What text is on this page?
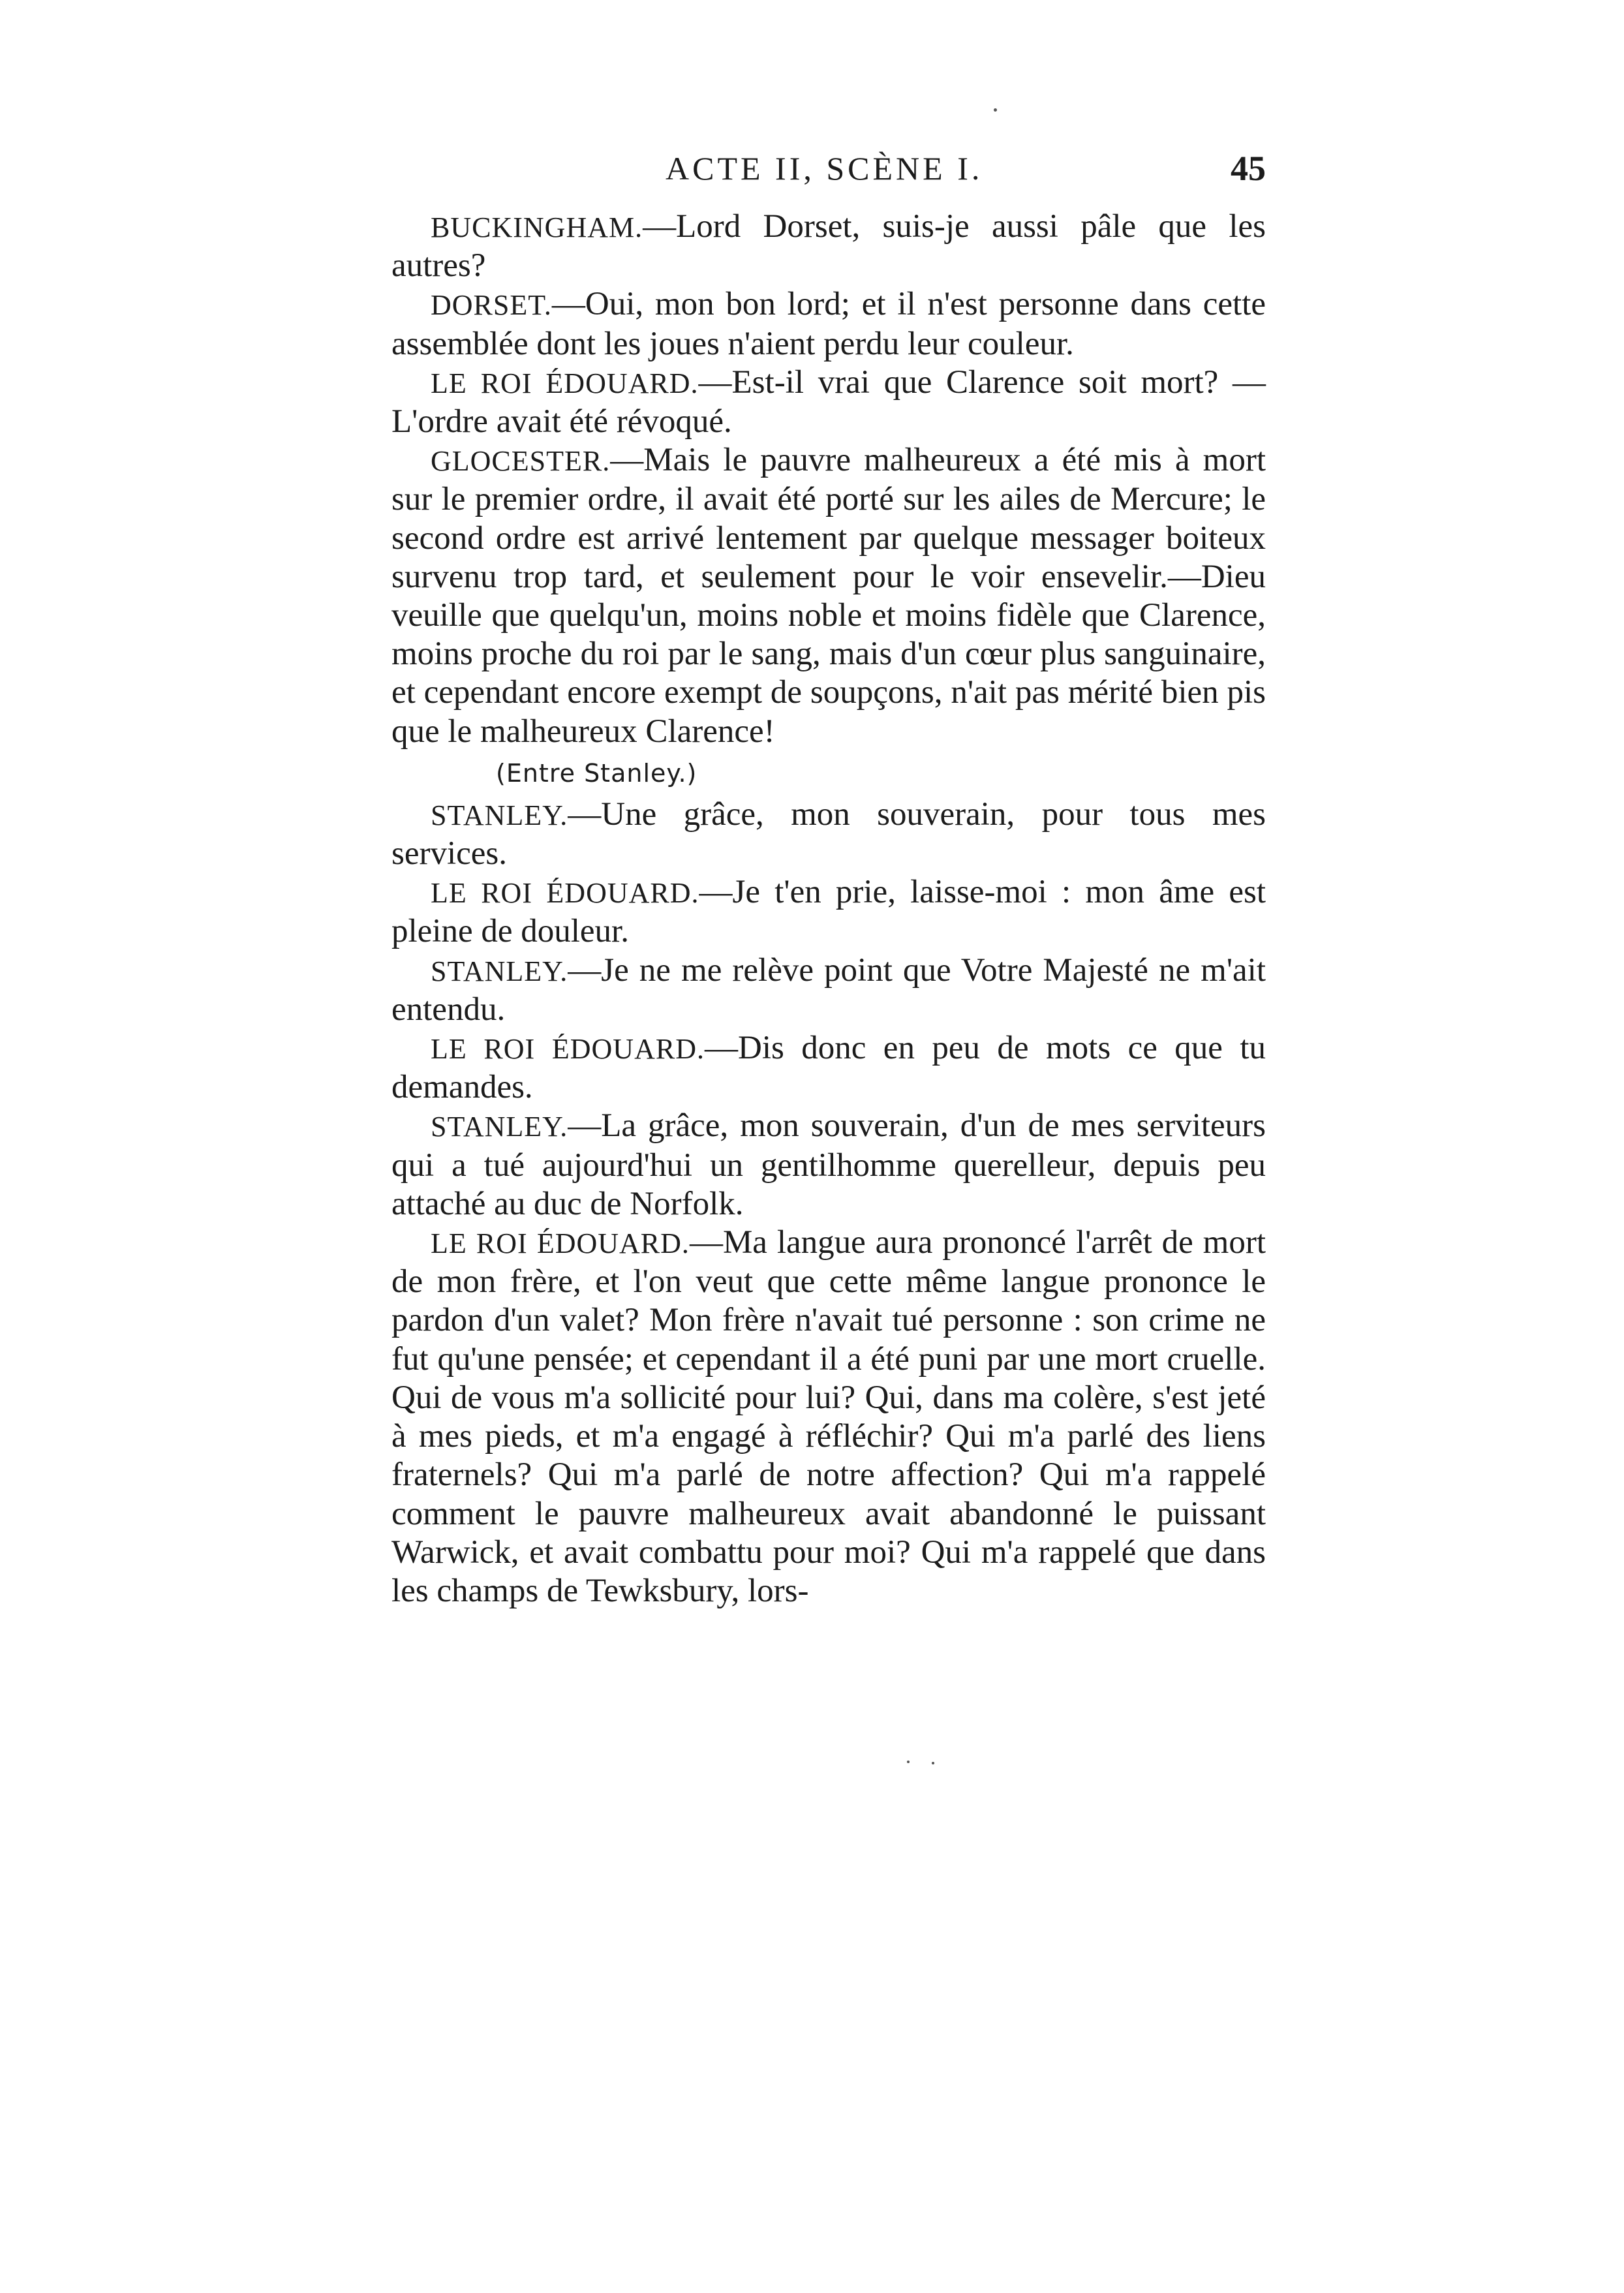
ACTE II, SCÈNE I.	45

BUCKINGHAM.—Lord Dorset, suis-je aussi pâle que les autres?

DORSET.—Oui, mon bon lord; et il n'est personne dans cette assemblée dont les joues n'aient perdu leur couleur.

LE ROI ÉDOUARD.—Est-il vrai que Clarence soit mort? —L'ordre avait été révoqué.

GLOCESTER.—Mais le pauvre malheureux a été mis à mort sur le premier ordre, il avait été porté sur les ailes de Mercure; le second ordre est arrivé lentement par quelque messager boiteux survenu trop tard, et seulement pour le voir ensevelir.—Dieu veuille que quelqu'un, moins noble et moins fidèle que Clarence, moins proche du roi par le sang, mais d'un cœur plus sanguinaire, et cependant encore exempt de soupçons, n'ait pas mérité bien pis que le malheureux Clarence!

(Entre Stanley.)

STANLEY.—Une grâce, mon souverain, pour tous mes services.

LE ROI ÉDOUARD.—Je t'en prie, laisse-moi : mon âme est pleine de douleur.

STANLEY.—Je ne me relève point que Votre Majesté ne m'ait entendu.

LE ROI ÉDOUARD.—Dis donc en peu de mots ce que tu demandes.

STANLEY.—La grâce, mon souverain, d'un de mes serviteurs qui a tué aujourd'hui un gentilhomme querelleur, depuis peu attaché au duc de Norfolk.

LE ROI ÉDOUARD.—Ma langue aura prononcé l'arrêt de mort de mon frère, et l'on veut que cette même langue prononce le pardon d'un valet? Mon frère n'avait tué personne : son crime ne fut qu'une pensée; et cependant il a été puni par une mort cruelle. Qui de vous m'a sollicité pour lui? Qui, dans ma colère, s'est jeté à mes pieds, et m'a engagé à réfléchir? Qui m'a parlé des liens fraternels? Qui m'a parlé de notre affection? Qui m'a rappelé comment le pauvre malheureux avait abandonné le puissant Warwick, et avait combattu pour moi? Qui m'a rappelé que dans les champs de Tewksbury, lors-
